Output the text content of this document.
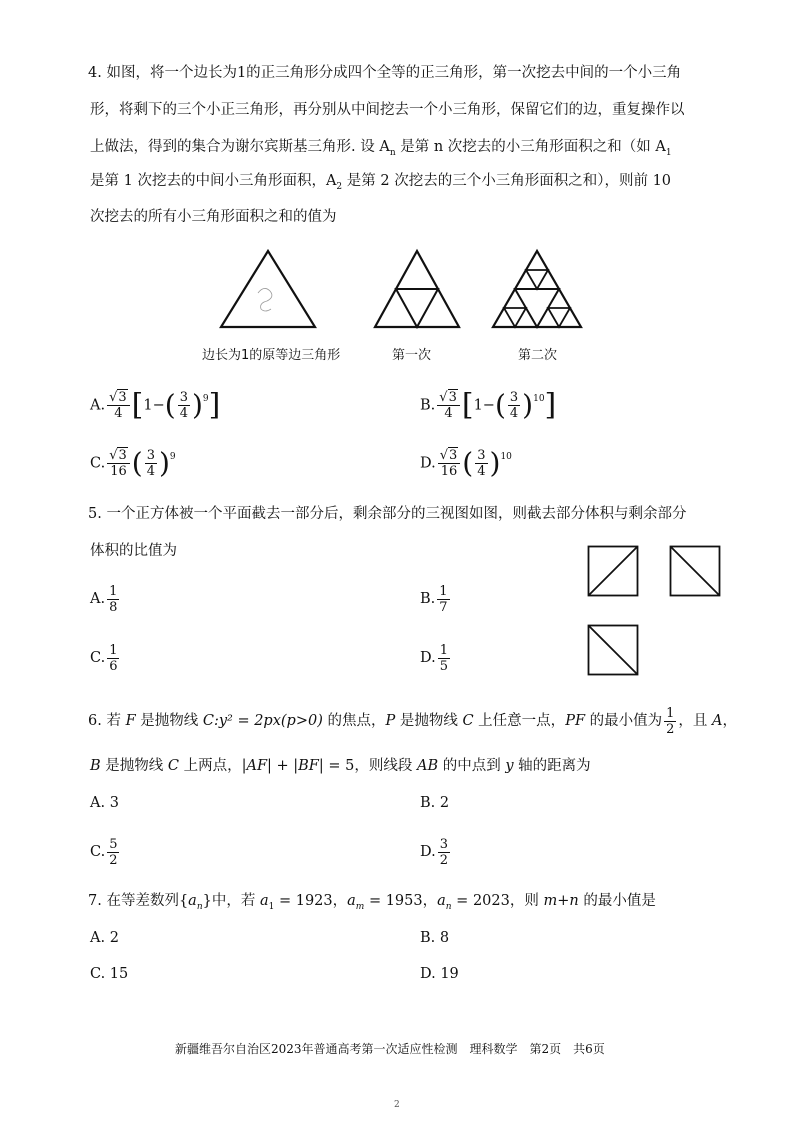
4. 如图，将一个边长为1的正三角形分成四个全等的正三角形，第一次挖去中间的一个小三角
形，将剩下的三个小正三角形，再分别从中间挖去一个小三角形，保留它们的边，重复操作以
上做法，得到的集合为谢尔宾斯基三角形. 设 $A_n$ 是第 n 次挖去的小三角形面积之和（如 $A_1$
是第 1 次挖去的中间小三角形面积，$A_2$ 是第 2 次挖去的三个小三角形面积之和），则前 10
次挖去的所有小三角形面积之和的值为
边长为1的原等边三角形	第一次	第二次
A. $\frac{√3}{4} [1-( \frac{3}{4} )^9]$	B. $\frac{√3}{4} [1-( \frac{3}{4} )^{10}]$
C. $\frac{√3}{16}$ ( $\frac{3}{4} )^9$	D. $\frac{√3}{16}$ ( $\frac{3}{4} )^{10}$
5. 一个正方体被一个平面截去一部分后，剩余部分的三视图如图，则截去部分体积与剩余部分
体积的比值为
A. $\frac{1}{8}$	B. $\frac{1}{7}$
C. $\frac{1}{6}$	D. $\frac{1}{5}$
6. 若 F 是抛物线 C:y² = 2px(p>0) 的焦点，P 是抛物线 C 上任意一点，PF 的最小值为 $\frac{1}{2}$ ，且 A，
B 是抛物线 C 上两点，|AF| + |BF| = 5，则线段 AB 的中点到 y 轴的距离为
A. 3	B. 2
C. $\frac{5}{2}$	D. $\frac{3}{2}$
7. 在等差数列$\{a_n\}$中，若 $a_1 = 1923$，$a_m = 1953$，$a_n = 2023$，则 m+n 的最小值是
A. 2	B. 8
C. 15	D. 19
新疆维吾尔自治区2023年普通高考第一次适应性检测　理科数学　第2页　共6页
2
